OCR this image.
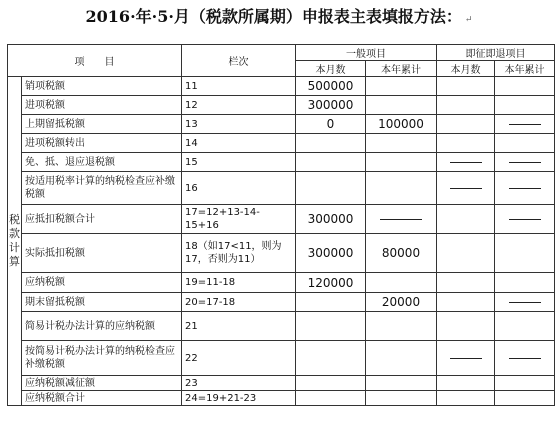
2016·年·5·月（税款所属期）申报表主表填报方法： ↵
项　　目		栏次	一般项目		即征即退项目	
			本月数	本年累计	本月数	本年累计

税
款
计
算	销项税额	11	500000			
	进项税额	12	300000			
	上期留抵税额	13	0	100000		

	进项税额转出	14				
	免、抵、退应退税额	15			

	按适用税率计算的纳税检查应补缴税额	16			

	应抵扣税额合计	17=12+13-14-15+16	300000	

	实际抵扣税额	18（如17<11，则为17，否则为11）	300000	80000		
	应纳税额	19=11-18	120000			
	期末留抵税额	20=17-18		20000		

	简易计税办法计算的应纳税额	21				
	按简易计税办法计算的纳税检查应补缴税额	22			

	应纳税额减征额	23				
	应纳税额合计	24=19+21-23				
